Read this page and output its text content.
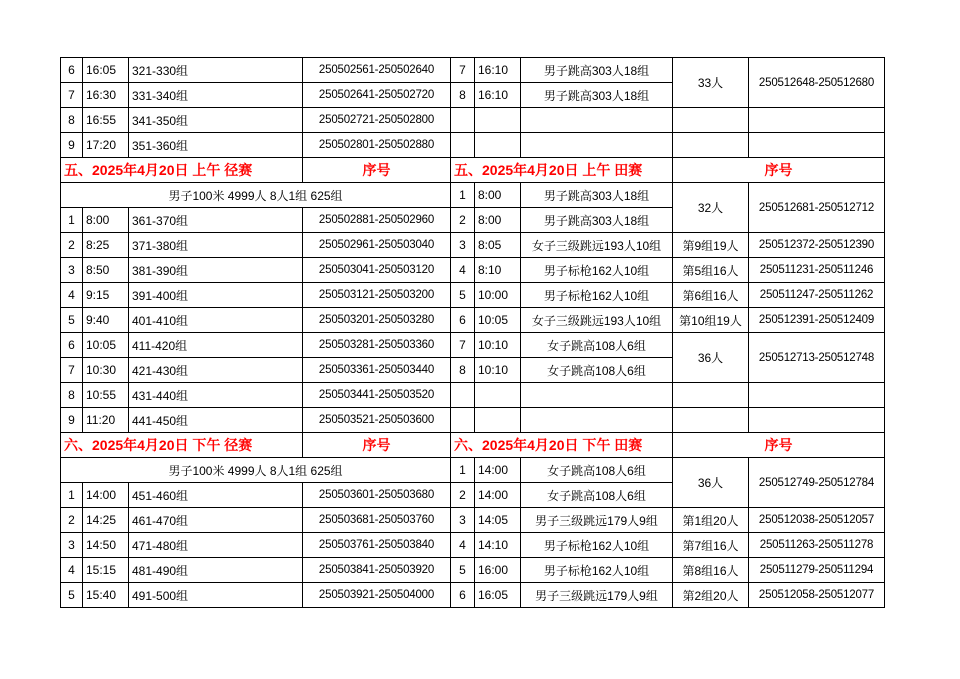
6	16:05	321-330组	250502561-250502640	7	16:10	男子跳高303人18组	33人	250512648-250512680
7	16:30	331-340组	250502641-250502720	8	16:10	男子跳高303人18组		
8	16:55	341-350组	250502721-250502800					
9	17:20	351-360组	250502801-250502880					
五、2025年4月20日 上午 径赛			序号	五、2025年4月20日 上午 田赛			序号	
男子100米 4999人 8人1组 625组				1	8:00	男子跳高303人18组	32人	250512681-250512712
1	8:00	361-370组	250502881-250502960	2	8:00	男子跳高303人18组		
2	8:25	371-380组	250502961-250503040	3	8:05	女子三级跳远193人10组	第9组19人	250512372-250512390
3	8:50	381-390组	250503041-250503120	4	8:10	男子标枪162人10组	第5组16人	250511231-250511246
4	9:15	391-400组	250503121-250503200	5	10:00	男子标枪162人10组	第6组16人	250511247-250511262
5	9:40	401-410组	250503201-250503280	6	10:05	女子三级跳远193人10组	第10组19人	250512391-250512409
6	10:05	411-420组	250503281-250503360	7	10:10	女子跳高108人6组	36人	250512713-250512748
7	10:30	421-430组	250503361-250503440	8	10:10	女子跳高108人6组		
8	10:55	431-440组	250503441-250503520					
9	11:20	441-450组	250503521-250503600					
六、2025年4月20日 下午 径赛			序号	六、2025年4月20日 下午 田赛			序号	
男子100米 4999人 8人1组 625组				1	14:00	女子跳高108人6组	36人	250512749-250512784
1	14:00	451-460组	250503601-250503680	2	14:00	女子跳高108人6组		
2	14:25	461-470组	250503681-250503760	3	14:05	男子三级跳远179人9组	第1组20人	250512038-250512057
3	14:50	471-480组	250503761-250503840	4	14:10	男子标枪162人10组	第7组16人	250511263-250511278
4	15:15	481-490组	250503841-250503920	5	16:00	男子标枪162人10组	第8组16人	250511279-250511294
5	15:40	491-500组	250503921-250504000	6	16:05	男子三级跳远179人9组	第2组20人	250512058-250512077
